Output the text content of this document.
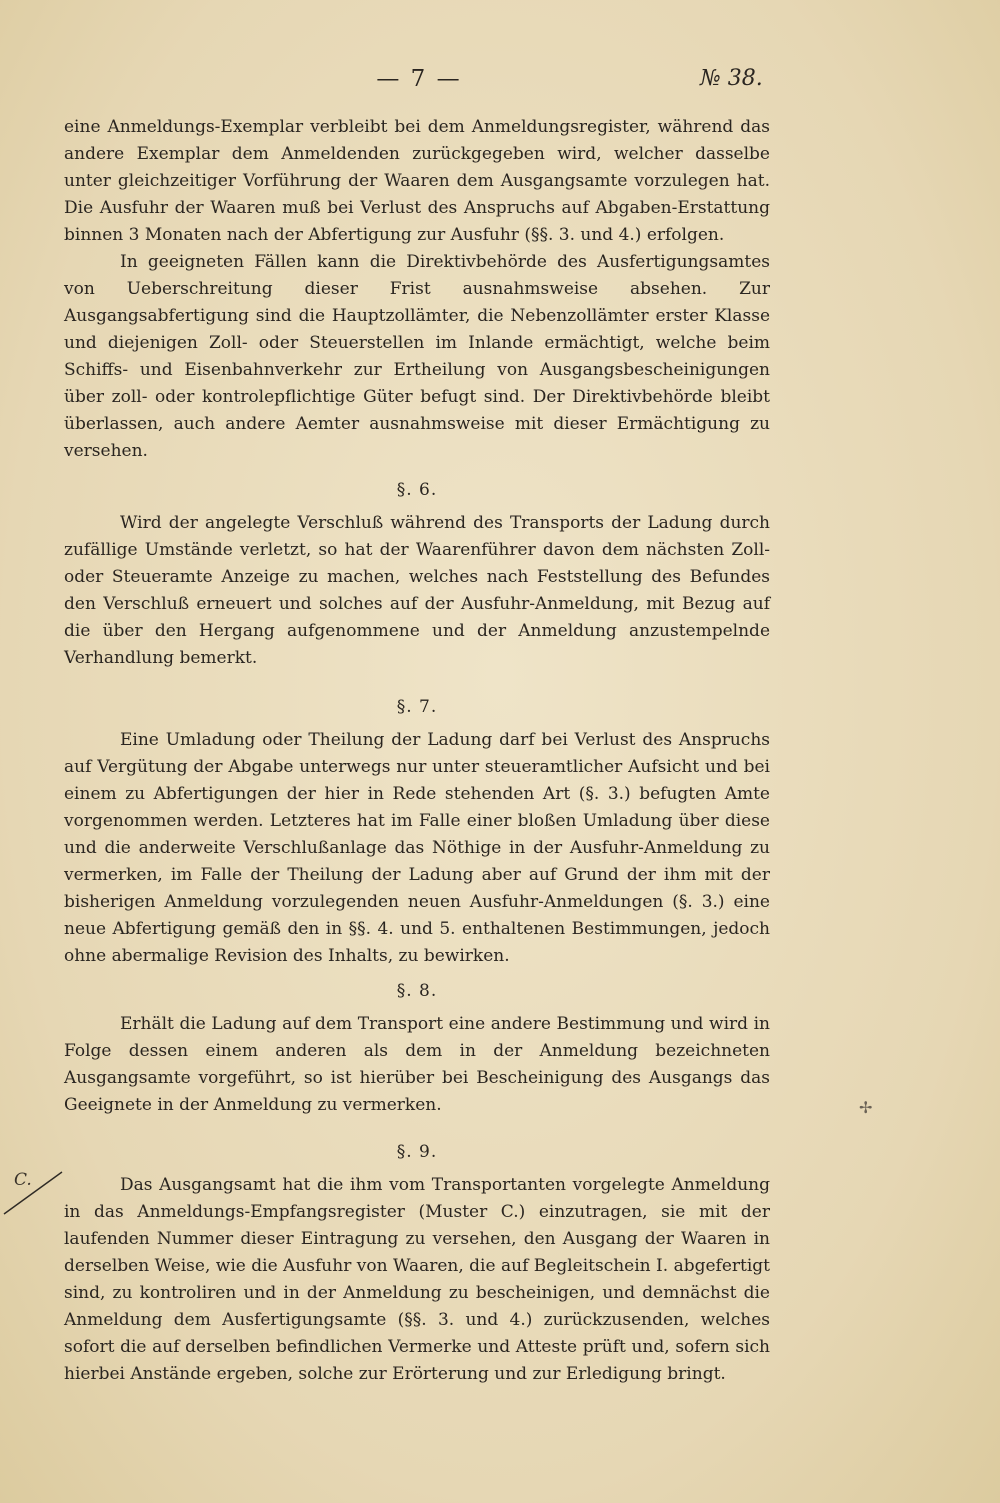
— 7 —	№ 38.

eine Anmeldungs-Exemplar verbleibt bei dem Anmeldungsregister, während das andere Exemplar dem Anmeldenden zurückgegeben wird, welcher dasselbe unter gleichzeitiger Vorführung der Waaren dem Ausgangsamte vorzulegen hat. Die Ausfuhr der Waaren muß bei Verlust des Anspruchs auf Abgaben-Erstattung binnen 3 Monaten nach der Abfertigung zur Ausfuhr (§§. 3. und 4.) erfolgen.

In geeigneten Fällen kann die Direktivbehörde des Ausfertigungsamtes von Ueberschreitung dieser Frist ausnahmsweise absehen. Zur Ausgangsabfertigung sind die Hauptzollämter, die Nebenzollämter erster Klasse und diejenigen Zoll- oder Steuerstellen im Inlande ermächtigt, welche beim Schiffs- und Eisenbahnverkehr zur Ertheilung von Ausgangsbescheinigungen über zoll- oder kontrolepflichtige Güter befugt sind. Der Direktivbehörde bleibt überlassen, auch andere Aemter ausnahmsweise mit dieser Ermächtigung zu versehen.

§. 6.

Wird der angelegte Verschluß während des Transports der Ladung durch zufällige Umstände verletzt, so hat der Waarenführer davon dem nächsten Zoll- oder Steueramte Anzeige zu machen, welches nach Feststellung des Befundes den Verschluß erneuert und solches auf der Ausfuhr-Anmeldung, mit Bezug auf die über den Hergang aufgenommene und der Anmeldung anzustempelnde Verhandlung bemerkt.

§. 7.

Eine Umladung oder Theilung der Ladung darf bei Verlust des Anspruchs auf Vergütung der Abgabe unterwegs nur unter steueramtlicher Aufsicht und bei einem zu Abfertigungen der hier in Rede stehenden Art (§. 3.) befugten Amte vorgenommen werden. Letzteres hat im Falle einer bloßen Umladung über diese und die anderweite Verschlußanlage das Nöthige in der Ausfuhr-Anmeldung zu vermerken, im Falle der Theilung der Ladung aber auf Grund der ihm mit der bisherigen Anmeldung vorzulegenden neuen Ausfuhr-Anmeldungen (§. 3.) eine neue Abfertigung gemäß den in §§. 4. und 5. enthaltenen Bestimmungen, jedoch ohne abermalige Revision des Inhalts, zu bewirken.

§. 8.

Erhält die Ladung auf dem Transport eine andere Bestimmung und wird in Folge dessen einem anderen als dem in der Anmeldung bezeichneten Ausgangsamte vorgeführt, so ist hierüber bei Bescheinigung des Ausgangs das Geeignete in der Anmeldung zu vermerken.

§. 9.

Das Ausgangsamt hat die ihm vom Transportanten vorgelegte Anmeldung in das Anmeldungs-Empfangsregister (Muster C.) einzutragen, sie mit der laufenden Nummer dieser Eintragung zu versehen, den Ausgang der Waaren in derselben Weise, wie die Ausfuhr von Waaren, die auf Begleitschein I. abgefertigt sind, zu kontroliren und in der Anmeldung zu bescheinigen, und demnächst die Anmeldung dem Ausfertigungsamte (§§. 3. und 4.) zurückzusenden, welches sofort die auf derselben befindlichen Vermerke und Atteste prüft und, sofern sich hierbei Anstände ergeben, solche zur Erörterung und zur Erledigung bringt.

C.
✢
